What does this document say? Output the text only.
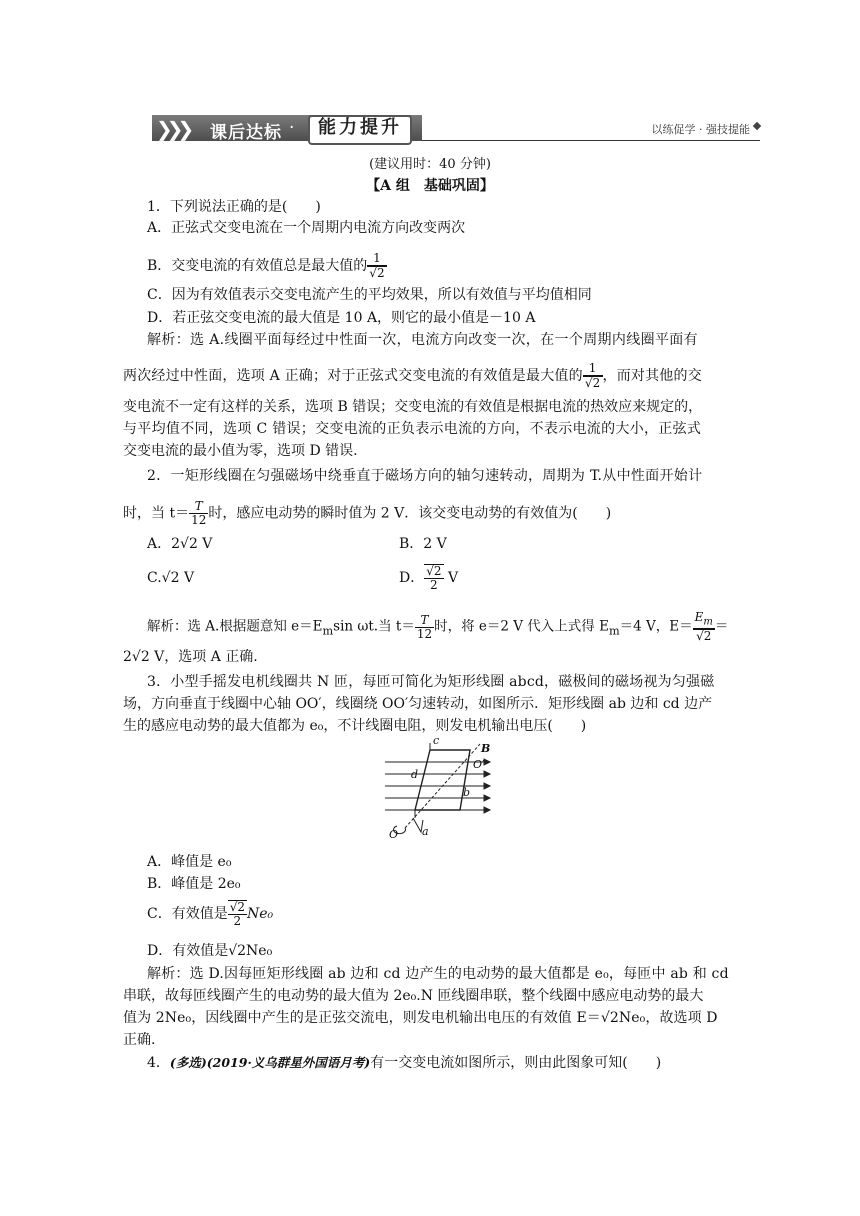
❯❯❯ 课后达标 ·	能力提升	以练促学 · 强技提能
(建议用时：40 分钟)
【A 组　基础巩固】
1．下列说法正确的是(　　)
A．正弦式交变电流在一个周期内电流方向改变两次
B．交变电流的有效值总是最大值的 $\frac{1}{√2}$
C．因为有效值表示交变电流产生的平均效果，所以有效值与平均值相同
D．若正弦交变电流的最大值是 10 A，则它的最小值是－10 A
解析：选 A.线圈平面每经过中性面一次，电流方向改变一次，在一个周期内线圈平面有
两次经过中性面，选项 A 正确；对于正弦式交变电流的有效值是最大值的 $\frac{1}{√2}$ ，而对其他的交
变电流不一定有这样的关系，选项 B 错误；交变电流的有效值是根据电流的热效应来规定的，
与平均值不同，选项 C 错误；交变电流的正负表示电流的方向，不表示电流的大小，正弦式
交变电流的最小值为零，选项 D 错误.
2．一矩形线圈在匀强磁场中绕垂直于磁场方向的轴匀速转动，周期为 T.从中性面开始计
时，当 $t= \frac{T}{12}$ 时，感应电动势的瞬时值为 2 V．该交变电动势的有效值为(　　)
A．2√2 V	B．2 V
C.√2 V	D． $\frac{√2}{2}$ V
解析：选 A.根据题意知 $e=E_m\sin$ ωt.当 $t= \frac{T}{12}$ 时，将 e＝2 V 代入上式得 $E_m=4$ V，$E= \frac{E_m}{√2}$ ＝
2√2 V，选项 A 正确.
3．小型手摇发电机线圈共 N 匝，每匝可简化为矩形线圈 abcd，磁极间的磁场视为匀强磁
场，方向垂直于线圈中心轴 OO′，线圈绕 OO′匀速转动，如图所示．矩形线圈 ab 边和 cd 边产
生的感应电动势的最大值都为 e₀，不计线圈电阻，则发电机输出电压(　　)
c
B
O′
d
b
O a
A．峰值是 e₀
B．峰值是 2e₀
C．有效值是 $\frac{√2}{2} Ne_0$
D．有效值是√2Ne₀
解析：选 D.因每匝矩形线圈 ab 边和 cd 边产生的电动势的最大值都是 e₀，每匝中 ab 和 cd
串联，故每匝线圈产生的电动势的最大值为 2e₀.N 匝线圈串联，整个线圈中感应电动势的最大
值为 2Ne₀，因线圈中产生的是正弦交流电，则发电机输出电压的有效值 E＝√2Ne₀，故选项 D
正确.
4．(多选)(2019·义乌群星外国语月考)有一交变电流如图所示，则由此图象可知(　　)
